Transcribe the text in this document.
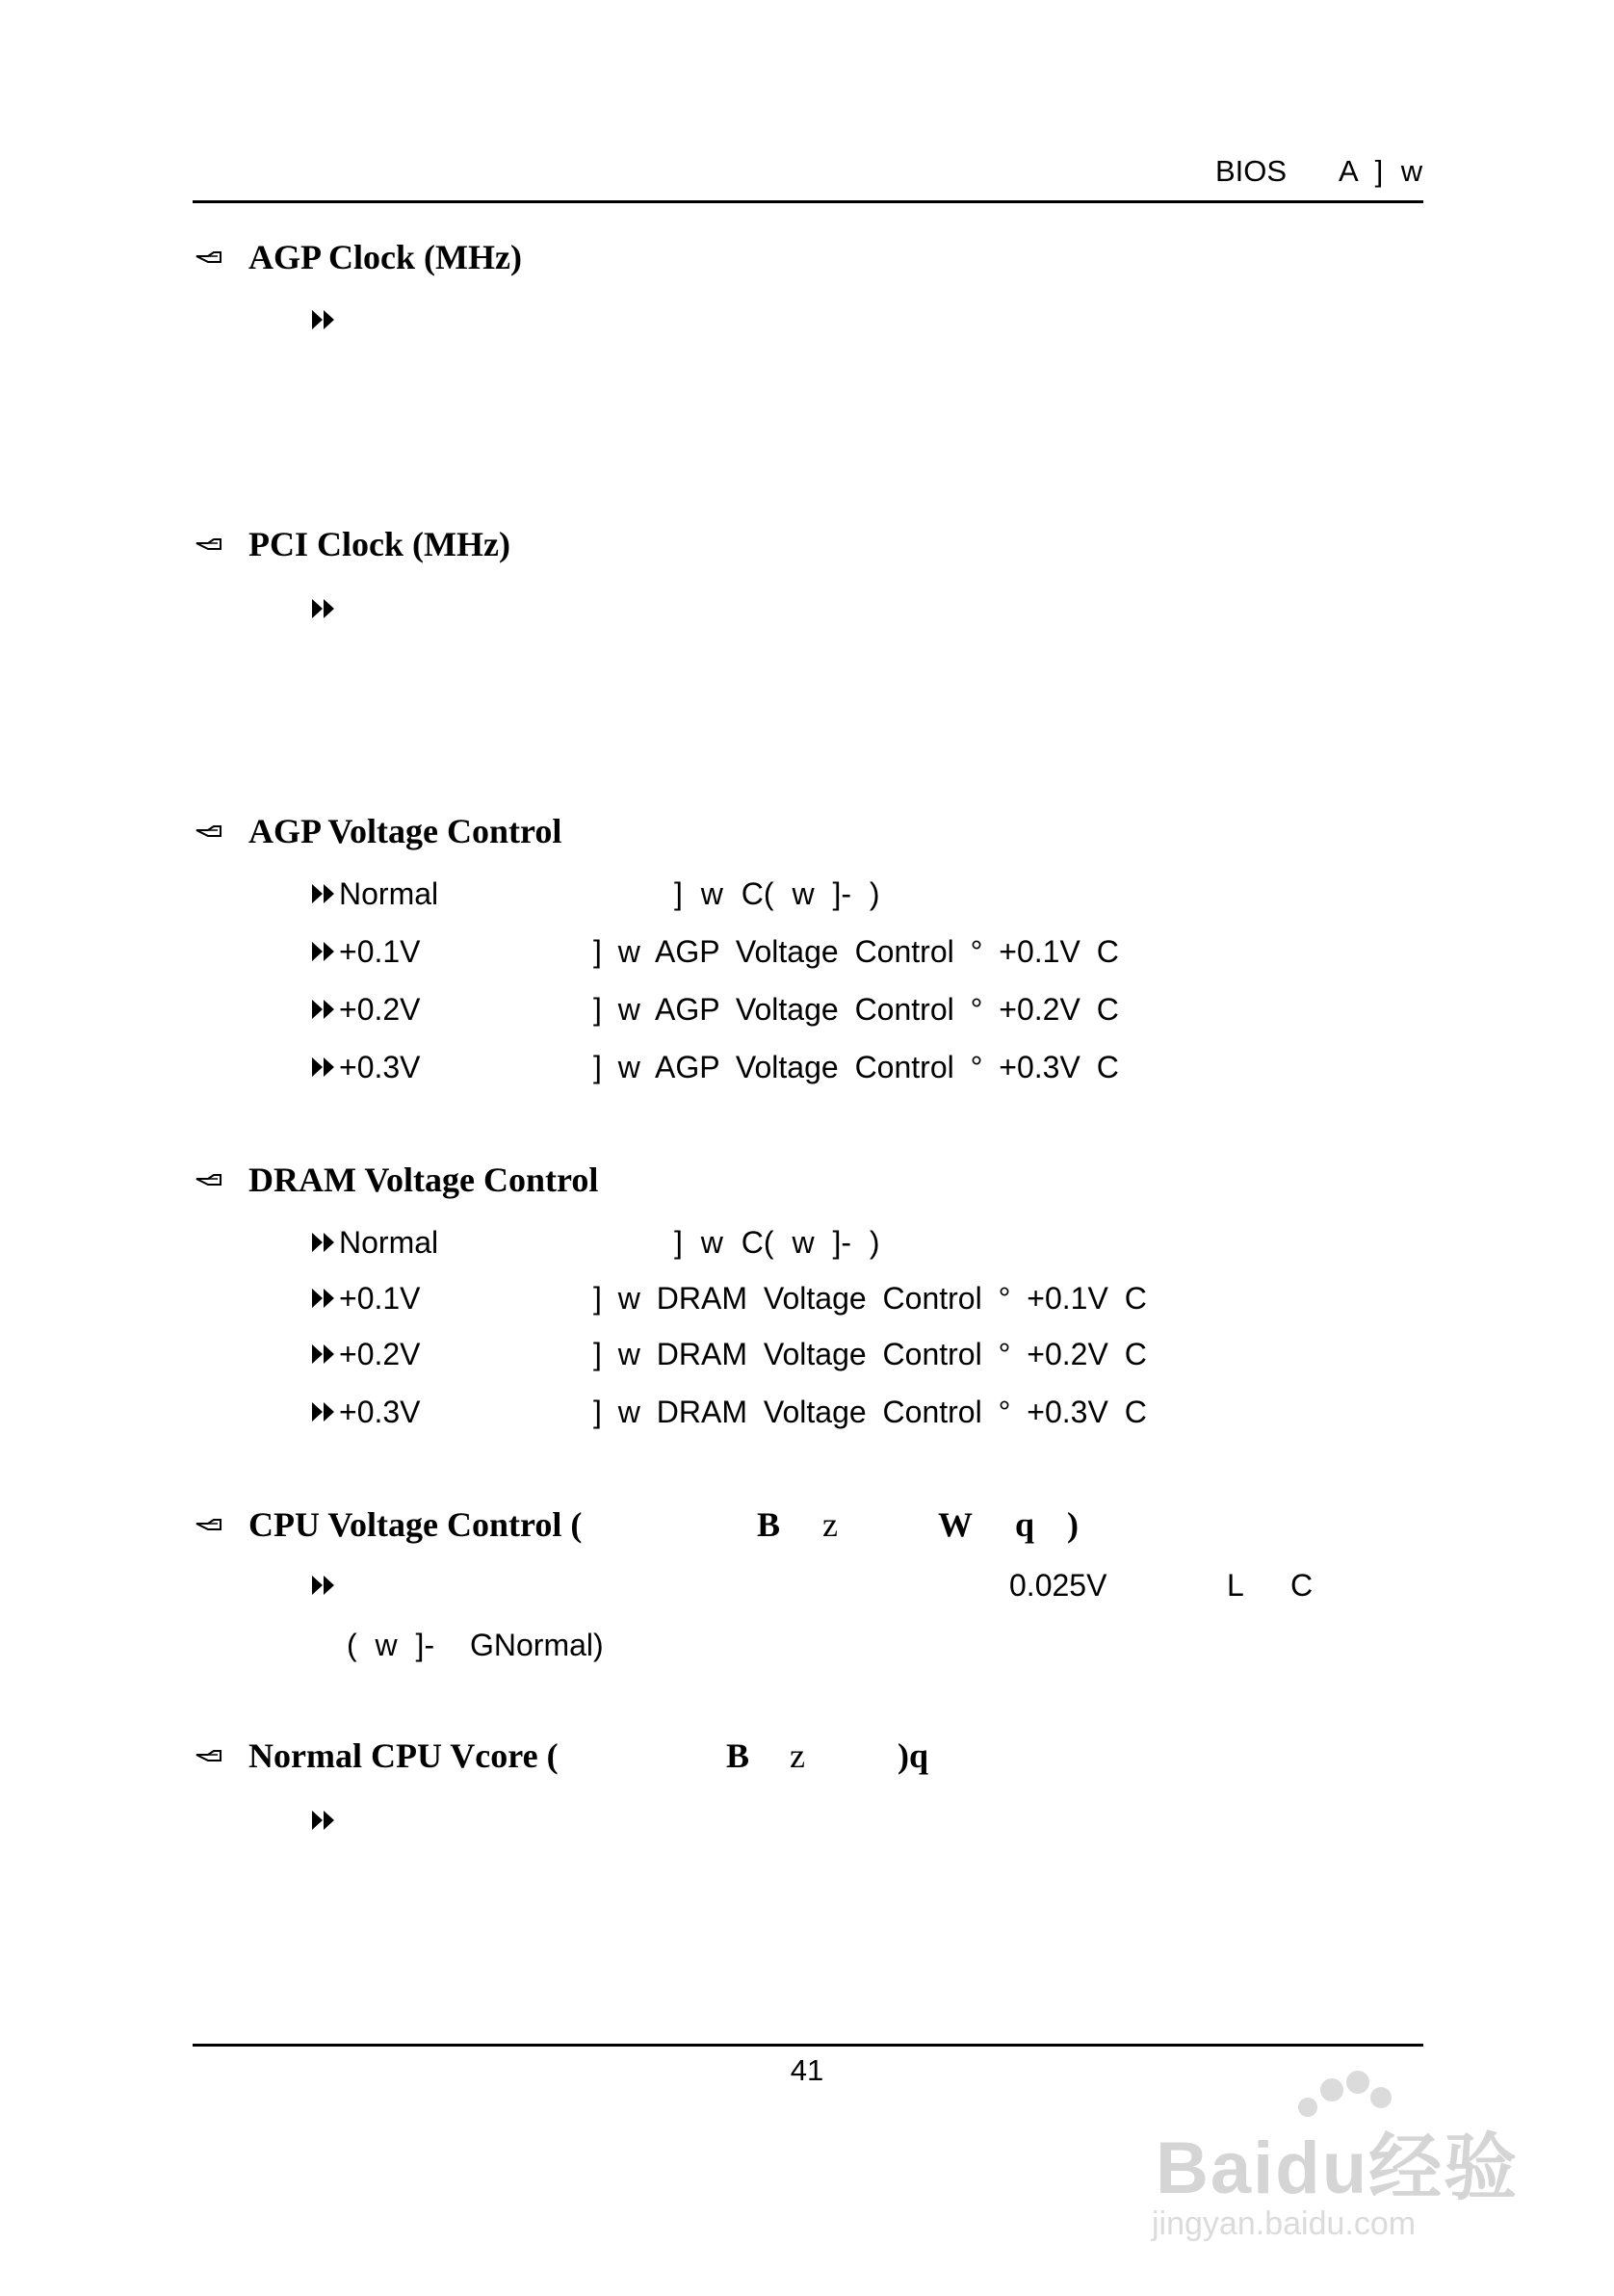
BIOS A ] w
AGP Clock (MHz)
PCI Clock (MHz)
AGP Voltage Control
Normal	] w C( w ]- )
+0.1V	] w AGP Voltage Control ° +0.1V C
+0.2V	] w AGP Voltage Control ° +0.2V C
+0.3V	] w AGP Voltage Control ° +0.3V C
DRAM Voltage Control
Normal	] w C( w ]- )
+0.1V	] w DRAM Voltage Control ° +0.1V C
+0.2V	] w DRAM Voltage Control ° +0.2V C
+0.3V	] w DRAM Voltage Control ° +0.3V C
CPU Voltage Control (	B z	W q )
0.025V	L C
( w ]- GNormal)
Normal CPU Vcore (	B z	)q
41
Baidu经验
jingyan.baidu.com
